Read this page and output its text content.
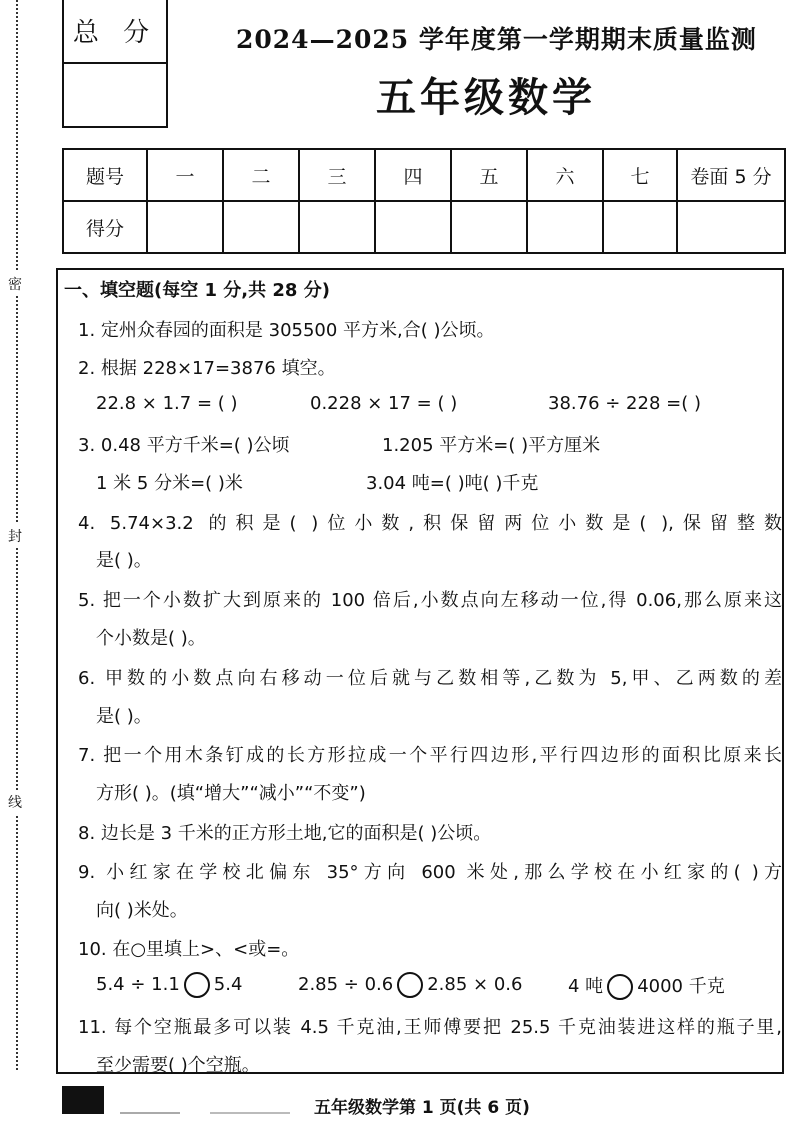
密
封
线
总 分	2024—2025 学年度第一学期期末质量监测
五年级数学
题号	一	二	三	四	五	六	七	卷面 5 分
得分								
一、填空题(每空 1 分,共 28 分)
1. 定州众春园的面积是 305500 平方米,合( )公顷。
2. 根据 228×17=3876 填空。
22.8 × 1.7 = ( )	0.228 × 17 = ( )	38.76 ÷ 228 =( )
3. 0.48 平方千米=( )公顷	1.205 平方米=( )平方厘米
1 米 5 分米=( )米	3.04 吨=( )吨( )千克
4. 5.74×3.2 的积是( )位小数,积保留两位小数是( ),保留整数
是( )。
5. 把一个小数扩大到原来的 100 倍后,小数点向左移动一位,得 0.06,那么原来这
个小数是( )。
6. 甲数的小数点向右移动一位后就与乙数相等,乙数为 5,甲、乙两数的差
是( )。
7. 把一个用木条钉成的长方形拉成一个平行四边形,平行四边形的面积比原来长
方形( )。(填“增大”“减小”“不变”)
8. 边长是 3 千米的正方形土地,它的面积是( )公顷。
9. 小红家在学校北偏东 35°方向 600 米处,那么学校在小红家的( )方
向( )米处。
10. 在○里填上>、<或=。
5.4 ÷ 1.1 5.4	2.85 ÷ 0.6 2.85 × 0.6	4 吨 4000 千克
11. 每个空瓶最多可以装 4.5 千克油,王师傅要把 25.5 千克油装进这样的瓶子里,
至少需要( )个空瓶。
五年级数学第 1 页(共 6 页)
